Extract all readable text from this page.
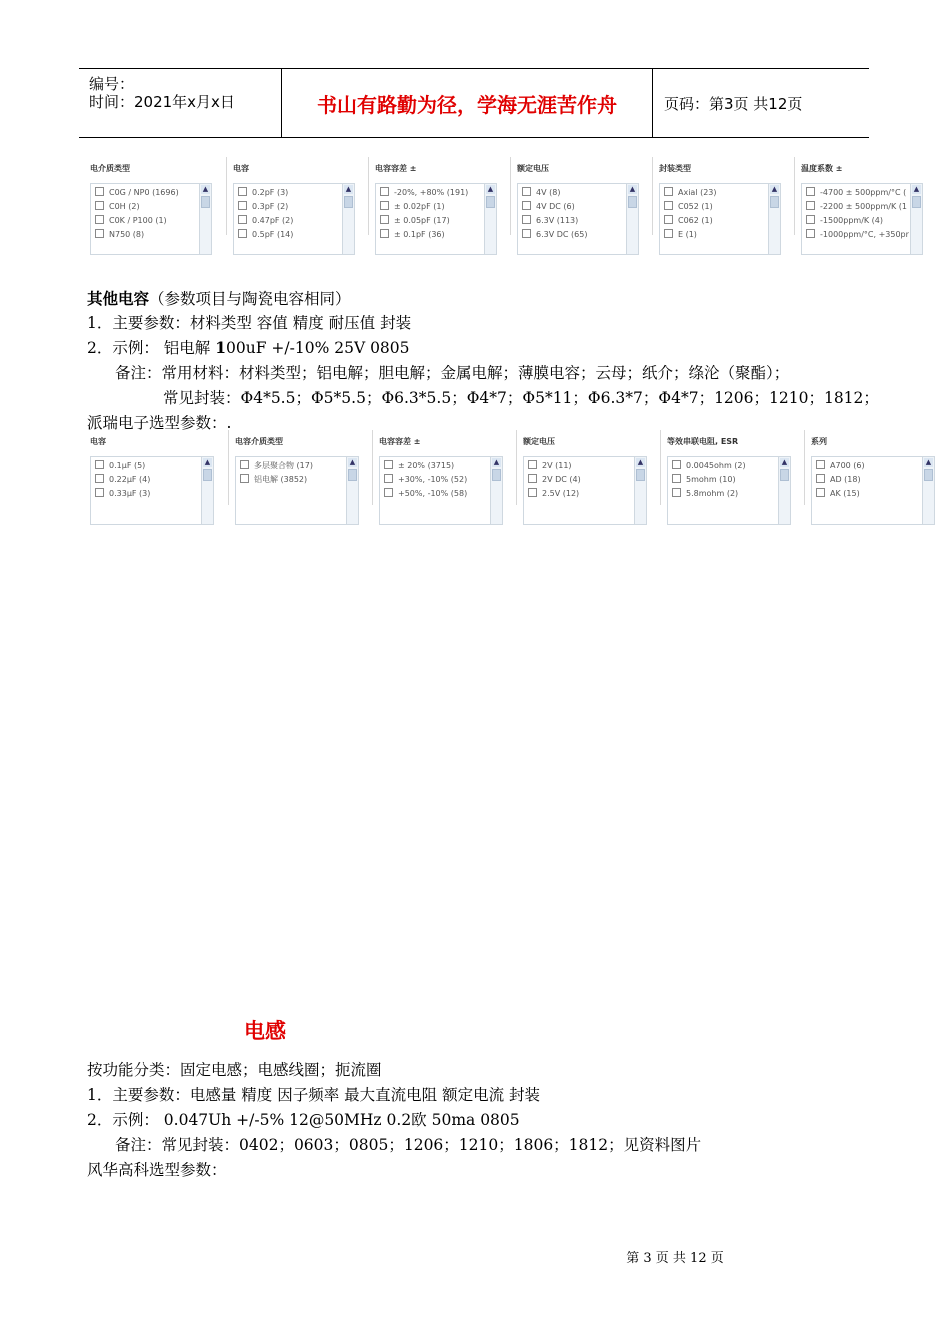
编号：
时间：2021年x月x日	书山有路勤为径，学海无涯苦作舟	页码：第3页 共12页
电介质类型
C0G / NP0 (1696)
C0H (2)
C0K / P100 (1)
N750 (8)
▲
电容
0.2pF (3)
0.3pF (2)
0.47pF (2)
0.5pF (14)
▲
电容容差 ±
-20%, +80% (191)
± 0.02pF (1)
± 0.05pF (17)
± 0.1pF (36)
▲
额定电压
4V (8)
4V DC (6)
6.3V (113)
6.3V DC (65)
▲
封装类型
Axial (23)
C052 (1)
C062 (1)
E (1)
▲
温度系数 ±
-4700 ± 500ppm/°C (
-2200 ± 500ppm/K (1
-1500ppm/K (4)
-1000ppm/°C, +350pr
▲
其他电容（参数项目与陶瓷电容相同）
1．主要参数：材料类型 容值 精度 耐压值 封装
2．示例： 铝电解 100uF +/-10% 25V 0805
备注：常用材料：材料类型；铝电解；胆电解；金属电解；薄膜电容；云母；纸介；绦沦（聚酯）；
常见封装：Φ4*5.5；Φ5*5.5；Φ6.3*5.5；Φ4*7；Φ5*11；Φ6.3*7；Φ4*7；1206；1210；1812；
派瑞电子选型参数：.
电容
0.1µF (5)
0.22µF (4)
0.33µF (3)
▲
电容介质类型
多层聚合物 (17)
铝电解 (3852)
▲
电容容差 ±
± 20% (3715)
+30%, -10% (52)
+50%, -10% (58)
▲
额定电压
2V (11)
2V DC (4)
2.5V (12)
▲
等效串联电阻, ESR
0.0045ohm (2)
5mohm (10)
5.8mohm (2)
▲
系列
A700 (6)
AD (18)
AK (15)
▲
电感
按功能分类：固定电感；电感线圈；扼流圈
1．主要参数：电感量 精度 因子频率 最大直流电阻 额定电流 封装
2．示例： 0.047Uh +/-5% 12@50MHz 0.2欧 50ma 0805
备注：常见封装：0402；0603；0805；1206；1210；1806；1812；见资料图片
风华高科选型参数：
第 3 页 共 12 页
